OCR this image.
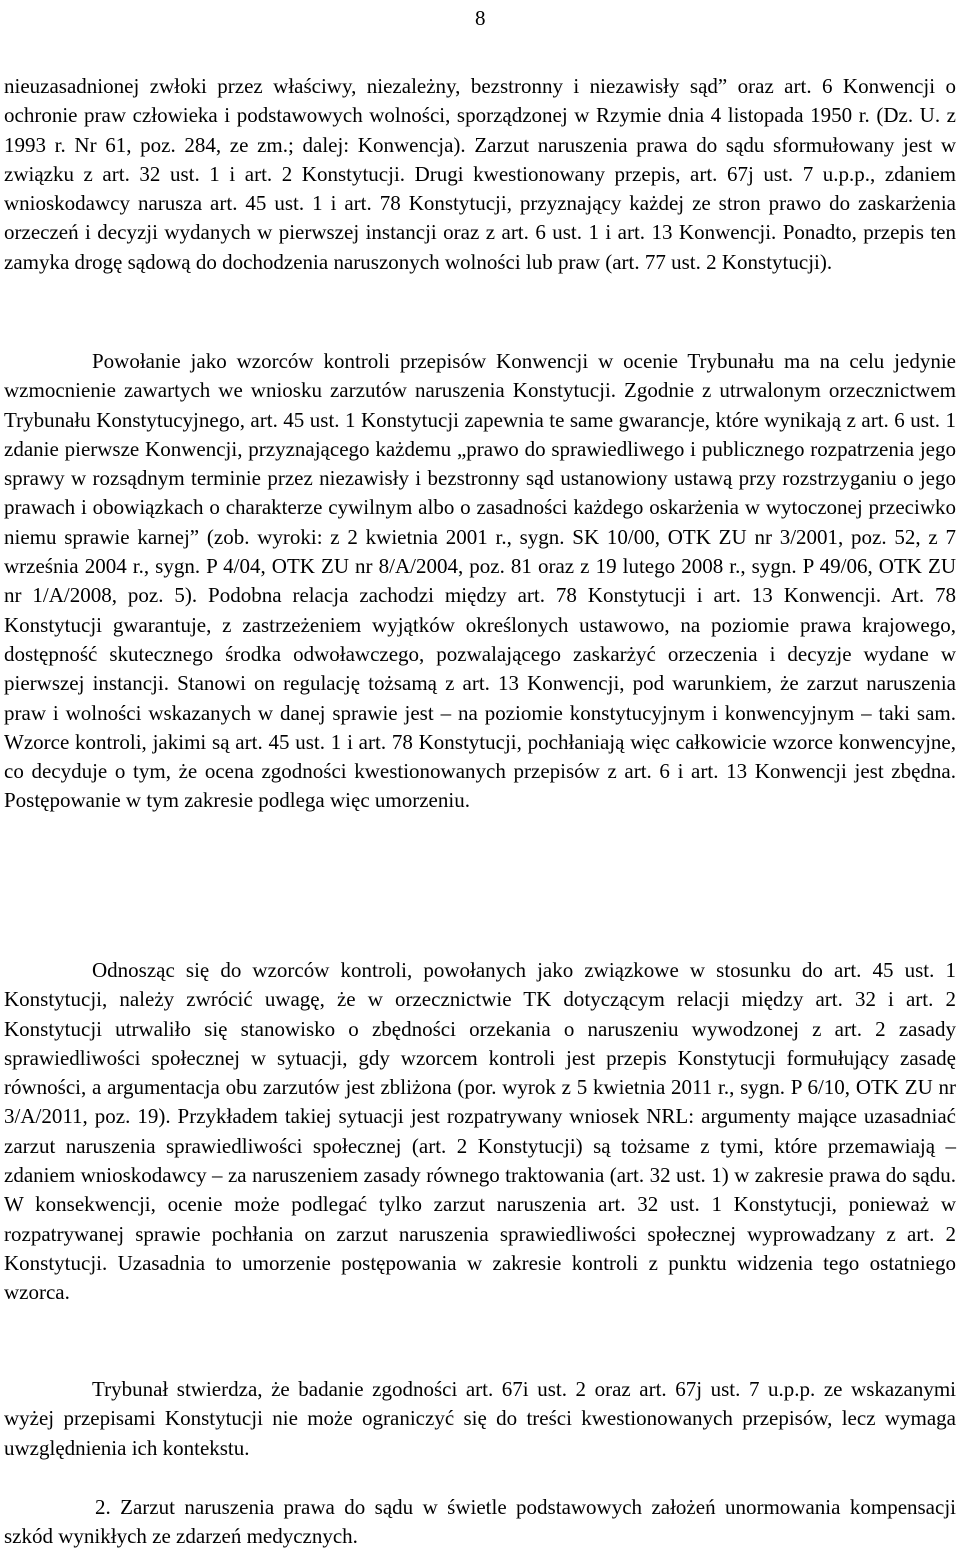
8

nieuzasadnionej zwłoki przez właściwy, niezależny, bezstronny i niezawisły sąd” oraz art. 6 Konwencji o ochronie praw człowieka i podstawowych wolności, sporządzonej w Rzymie dnia 4 listopada 1950 r. (Dz. U. z 1993 r. Nr 61, poz. 284, ze zm.; dalej: Konwencja). Zarzut naruszenia prawa do sądu sformułowany jest w związku z art. 32 ust. 1 i art. 2 Konstytucji. Drugi kwestionowany przepis, art. 67j ust. 7 u.p.p., zdaniem wnioskodawcy narusza art. 45 ust. 1 i art. 78 Konstytucji, przyznający każdej ze stron prawo do zaskarżenia orzeczeń i decyzji wydanych w pierwszej instancji oraz z art. 6 ust. 1 i art. 13 Konwencji. Ponadto, przepis ten zamyka drogę sądową do dochodzenia naruszonych wolności lub praw (art. 77 ust. 2 Konstytucji).

Powołanie jako wzorców kontroli przepisów Konwencji w ocenie Trybunału ma na celu jedynie wzmocnienie zawartych we wniosku zarzutów naruszenia Konstytucji. Zgodnie z utrwalonym orzecznictwem Trybunału Konstytucyjnego, art. 45 ust. 1 Konstytucji zapewnia te same gwarancje, które wynikają z art. 6 ust. 1 zdanie pierwsze Konwencji, przyznającego każdemu „prawo do sprawiedliwego i publicznego rozpatrzenia jego sprawy w rozsądnym terminie przez niezawisły i bezstronny sąd ustanowiony ustawą przy rozstrzyganiu o jego prawach i obowiązkach o charakterze cywilnym albo o zasadności każdego oskarżenia w wytoczonej przeciwko niemu sprawie karnej” (zob. wyroki: z 2 kwietnia 2001 r., sygn. SK 10/00, OTK ZU nr 3/2001, poz. 52, z 7 września 2004 r., sygn. P 4/04, OTK ZU nr 8/A/2004, poz. 81 oraz z 19 lutego 2008 r., sygn. P 49/06, OTK ZU nr 1/A/2008, poz. 5). Podobna relacja zachodzi między art. 78 Konstytucji i art. 13 Konwencji. Art. 78 Konstytucji gwarantuje, z zastrzeżeniem wyjątków określonych ustawowo, na poziomie prawa krajowego, dostępność skutecznego środka odwoławczego, pozwalającego zaskarżyć orzeczenia i decyzje wydane w pierwszej instancji. Stanowi on regulację tożsamą z art. 13 Konwencji, pod warunkiem, że zarzut naruszenia praw i wolności wskazanych w danej sprawie jest – na poziomie konstytucyjnym i konwencyjnym – taki sam. Wzorce kontroli, jakimi są art. 45 ust. 1 i art. 78 Konstytucji, pochłaniają więc całkowicie wzorce konwencyjne, co decyduje o tym, że ocena zgodności kwestionowanych przepisów z art. 6 i art. 13 Konwencji jest zbędna. Postępowanie w tym zakresie podlega więc umorzeniu.

Odnosząc się do wzorców kontroli, powołanych jako związkowe w stosunku do art. 45 ust. 1 Konstytucji, należy zwrócić uwagę, że w orzecznictwie TK dotyczącym relacji między art. 32 i art. 2 Konstytucji utrwaliło się stanowisko o zbędności orzekania o naruszeniu wywodzonej z art. 2 zasady sprawiedliwości społecznej w sytuacji, gdy wzorcem kontroli jest przepis Konstytucji formułujący zasadę równości, a argumentacja obu zarzutów jest zbliżona (por. wyrok z 5 kwietnia 2011 r., sygn. P 6/10, OTK ZU nr 3/A/2011, poz. 19). Przykładem takiej sytuacji jest rozpatrywany wniosek NRL: argumenty mające uzasadniać zarzut naruszenia sprawiedliwości społecznej (art. 2 Konstytucji) są tożsame z tymi, które przemawiają – zdaniem wnioskodawcy – za naruszeniem zasady równego traktowania (art. 32 ust. 1) w zakresie prawa do sądu. W konsekwencji, ocenie może podlegać tylko zarzut naruszenia art. 32 ust. 1 Konstytucji, ponieważ w rozpatrywanej sprawie pochłania on zarzut naruszenia sprawiedliwości społecznej wyprowadzany z art. 2 Konstytucji. Uzasadnia to umorzenie postępowania w zakresie kontroli z punktu widzenia tego ostatniego wzorca.

Trybunał stwierdza, że badanie zgodności art. 67i ust. 2 oraz art. 67j ust. 7 u.p.p. ze wskazanymi wyżej przepisami Konstytucji nie może ograniczyć się do treści kwestionowanych przepisów, lecz wymaga uwzględnienia ich kontekstu.

2. Zarzut naruszenia prawa do sądu w świetle podstawowych założeń unormowania kompensacji szkód wynikłych ze zdarzeń medycznych.
